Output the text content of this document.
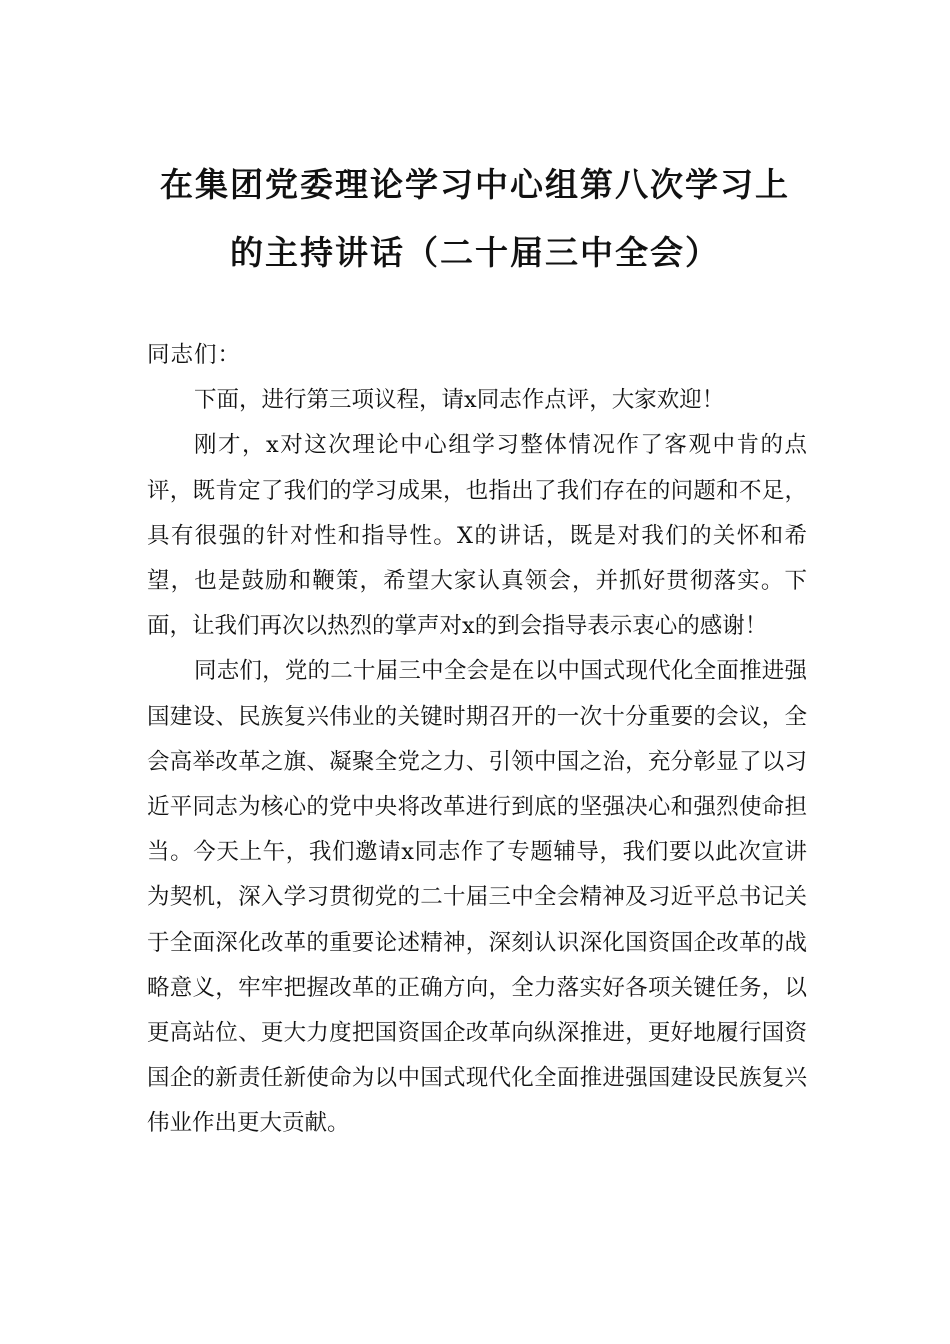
在集团党委理论学习中心组第八次学习上
的主持讲话（二十届三中全会）

同志们：

下面，进行第三项议程，请x同志作点评，大家欢迎！

刚才，x对这次理论中心组学习整体情况作了客观中肯的点评，既肯定了我们的学习成果，也指出了我们存在的问题和不足，具有很强的针对性和指导性。X的讲话，既是对我们的关怀和希望，也是鼓励和鞭策，希望大家认真领会，并抓好贯彻落实。下面，让我们再次以热烈的掌声对x的到会指导表示衷心的感谢！

同志们，党的二十届三中全会是在以中国式现代化全面推进强国建设、民族复兴伟业的关键时期召开的一次十分重要的会议，全会高举改革之旗、凝聚全党之力、引领中国之治，充分彰显了以习近平同志为核心的党中央将改革进行到底的坚强决心和强烈使命担当。今天上午，我们邀请x同志作了专题辅导，我们要以此次宣讲为契机，深入学习贯彻党的二十届三中全会精神及习近平总书记关于全面深化改革的重要论述精神，深刻认识深化国资国企改革的战略意义，牢牢把握改革的正确方向，全力落实好各项关键任务，以更高站位、更大力度把国资国企改革向纵深推进，更好地履行国资国企的新责任新使命为以中国式现代化全面推进强国建设民族复兴伟业作出更大贡献。
